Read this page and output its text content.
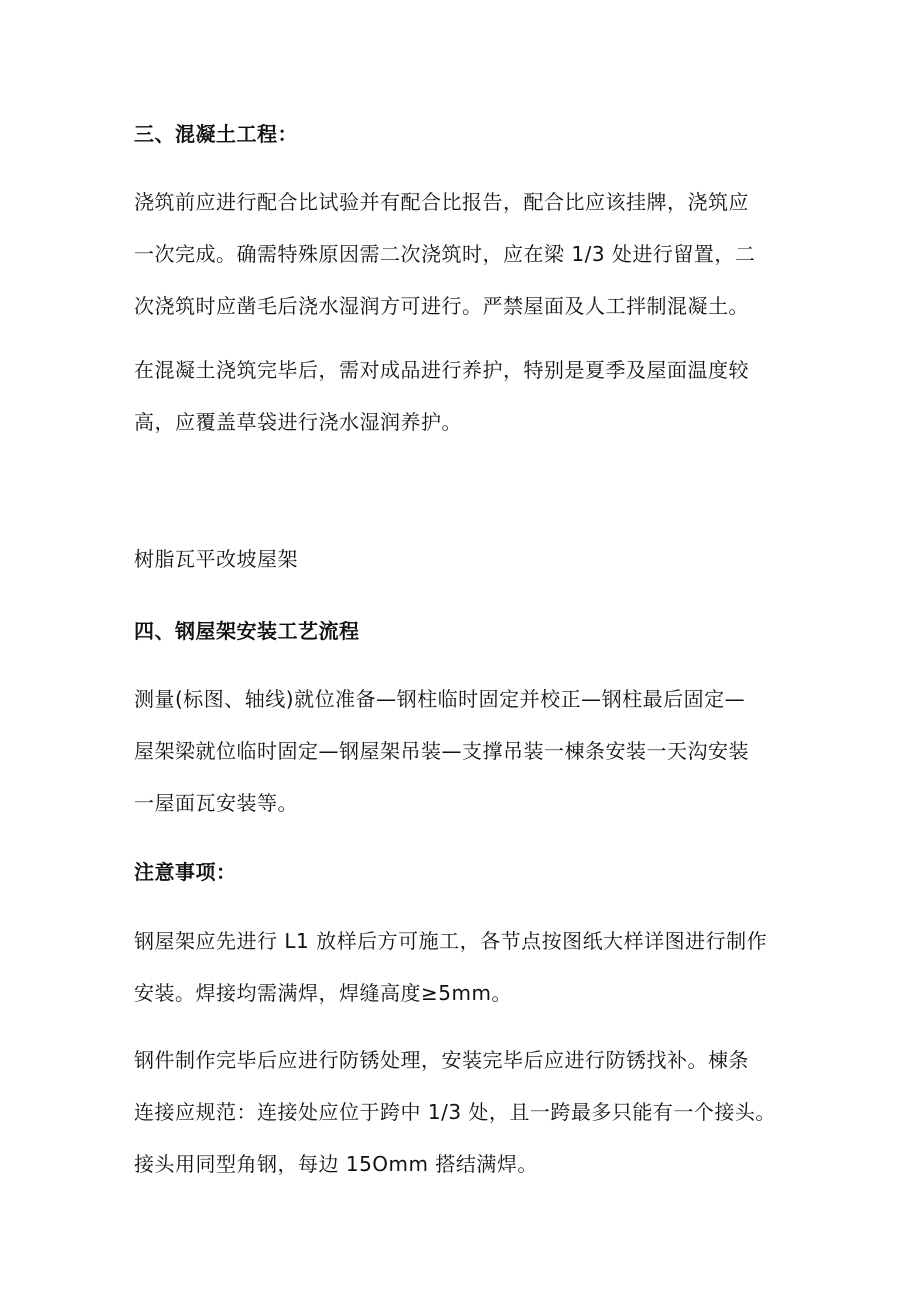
三、混凝土工程：

浇筑前应进行配合比试验并有配合比报告，配合比应该挂牌，浇筑应
一次完成。确需特殊原因需二次浇筑时，应在梁 1/3 处进行留置，二
次浇筑时应凿毛后浇水湿润方可进行。严禁屋面及人工拌制混凝土。

在混凝土浇筑完毕后，需对成品进行养护，特别是夏季及屋面温度较
高，应覆盖草袋进行浇水湿润养护。

树脂瓦平改坡屋架

四、钢屋架安装工艺流程

测量(标图、轴线)就位准备—钢柱临时固定并校正—钢柱最后固定—
屋架梁就位临时固定—钢屋架吊装—支撑吊装一棟条安装一天沟安装
一屋面瓦安装等。

注意事项：

钢屋架应先进行 L1 放样后方可施工，各节点按图纸大样详图进行制作
安装。焊接均需满焊，焊缝高度≥5mm。

钢件制作完毕后应进行防锈处理，安装完毕后应进行防锈找补。棟条
连接应规范：连接处应位于跨中 1/3 处，且一跨最多只能有一个接头。
接头用同型角钢，每边 15Omm 搭结满焊。
